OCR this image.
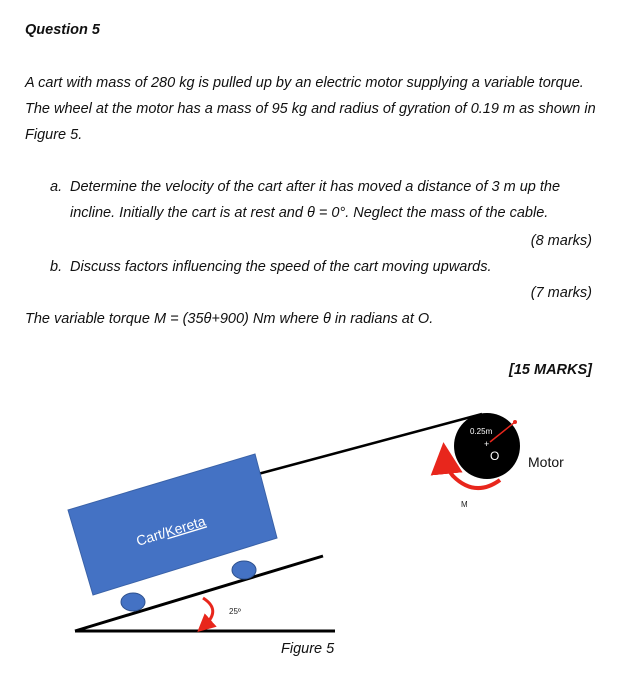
Question 5
A cart with mass of 280 kg is pulled up by an electric motor supplying a variable torque. The wheel at the motor has a mass of 95 kg and radius of gyration of 0.19 m as shown in Figure 5.
a. Determine the velocity of the cart after it has moved a distance of 3 m up the
incline. Initially the cart is at rest and θ = 0°. Neglect the mass of the cable.
(8 marks)
b. Discuss factors influencing the speed of the cart moving upwards.
(7 marks)
The variable torque M = (35θ+900) Nm where θ in radians at O.
[15 MARKS]
Cart/Kereta
25º
0.25m
+
O
M
Motor
Figure 5
